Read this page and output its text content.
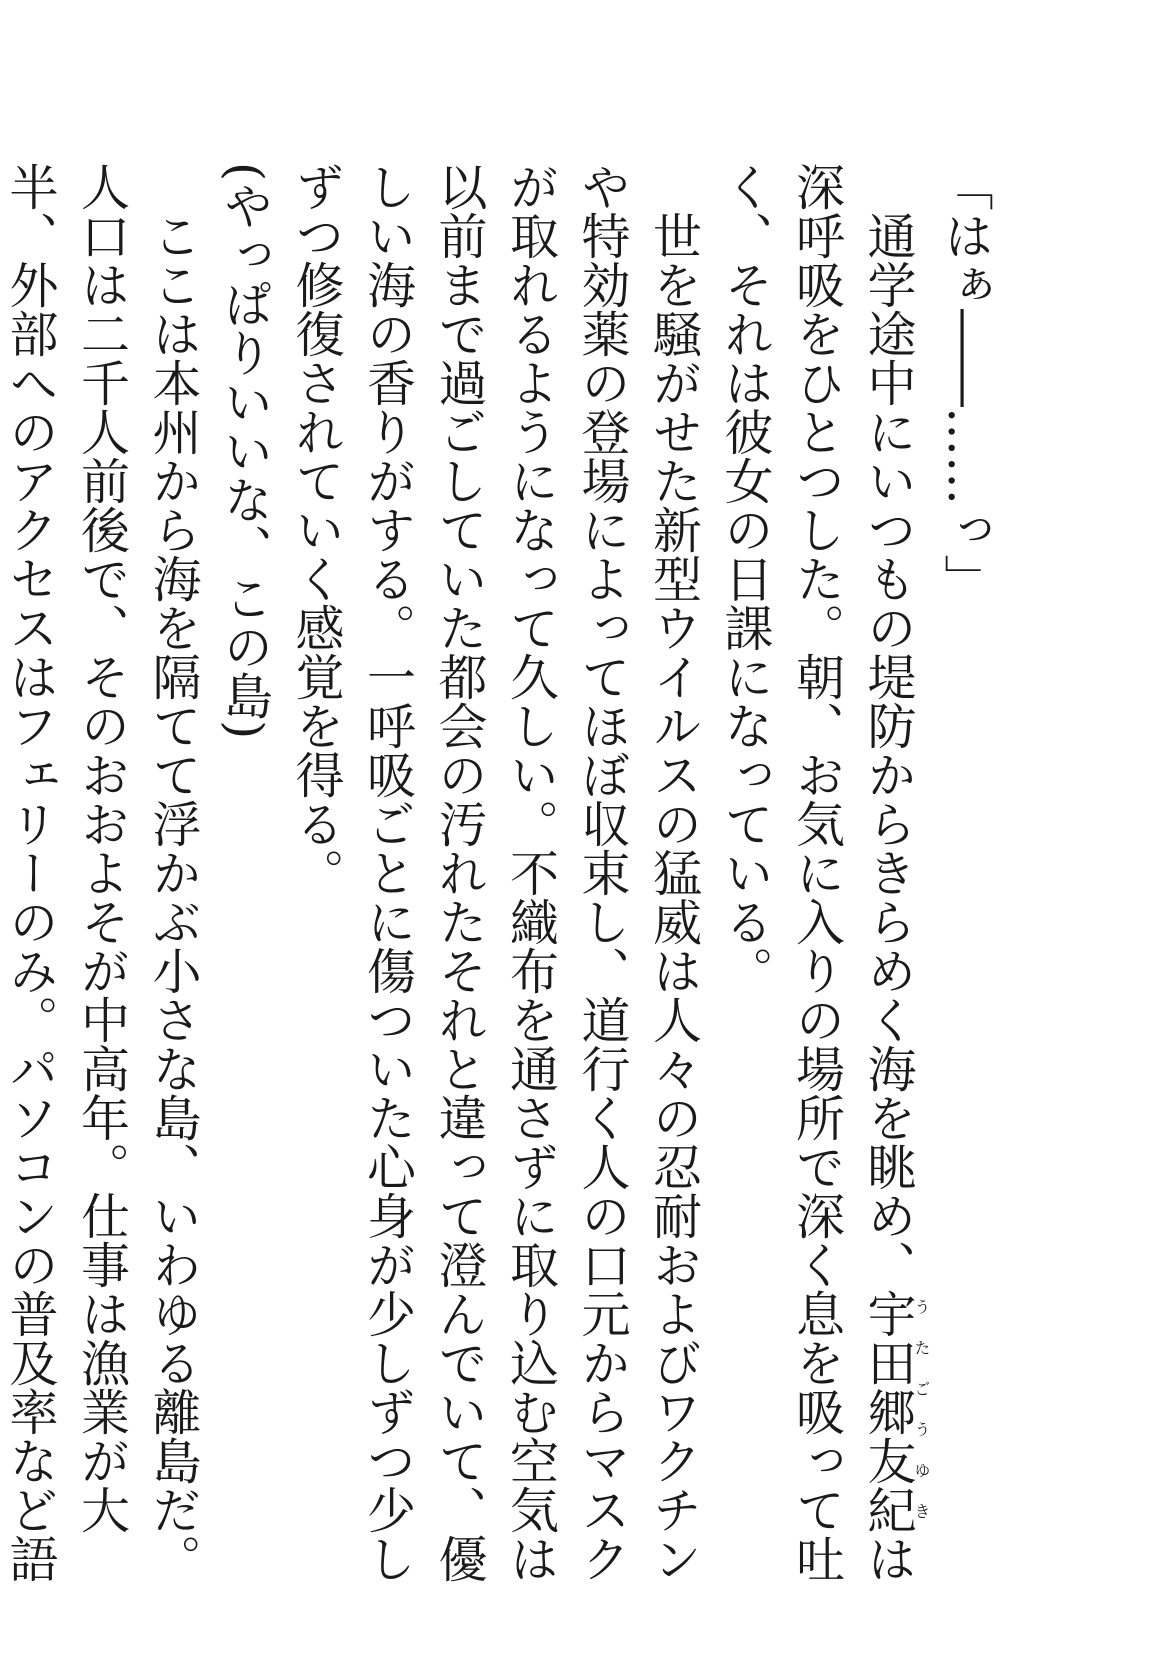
「はぁ――……っ」

通学途中にいつもの堤防からきらめく海を眺め、宇田郷友紀うたごうゆきは深呼吸をひとつした。朝、お気に入りの場所で深く息を吸って吐く、それは彼女の日課になっている。

世を騒がせた新型ウイルスの猛威は人々の忍耐およびワクチンや特効薬の登場によってほぼ収束し、道行く人の口元からマスクが取れるようになって久しい。不織布を通さずに取り込む空気は以前まで過ごしていた都会の汚れたそれと違って澄んでいて、優しい海の香りがする。一呼吸ごとに傷ついた心身が少しずつ少しずつ修復されていく感覚を得る。

(やっぱりいいな、この島)

ここは本州から海を隔てて浮かぶ小さな島、いわゆる離島だ。人口は二千人前後で、そのおおよそが中高年。仕事は漁業が大半、外部へのアクセスはフェリーのみ。パソコンの普及率など語
